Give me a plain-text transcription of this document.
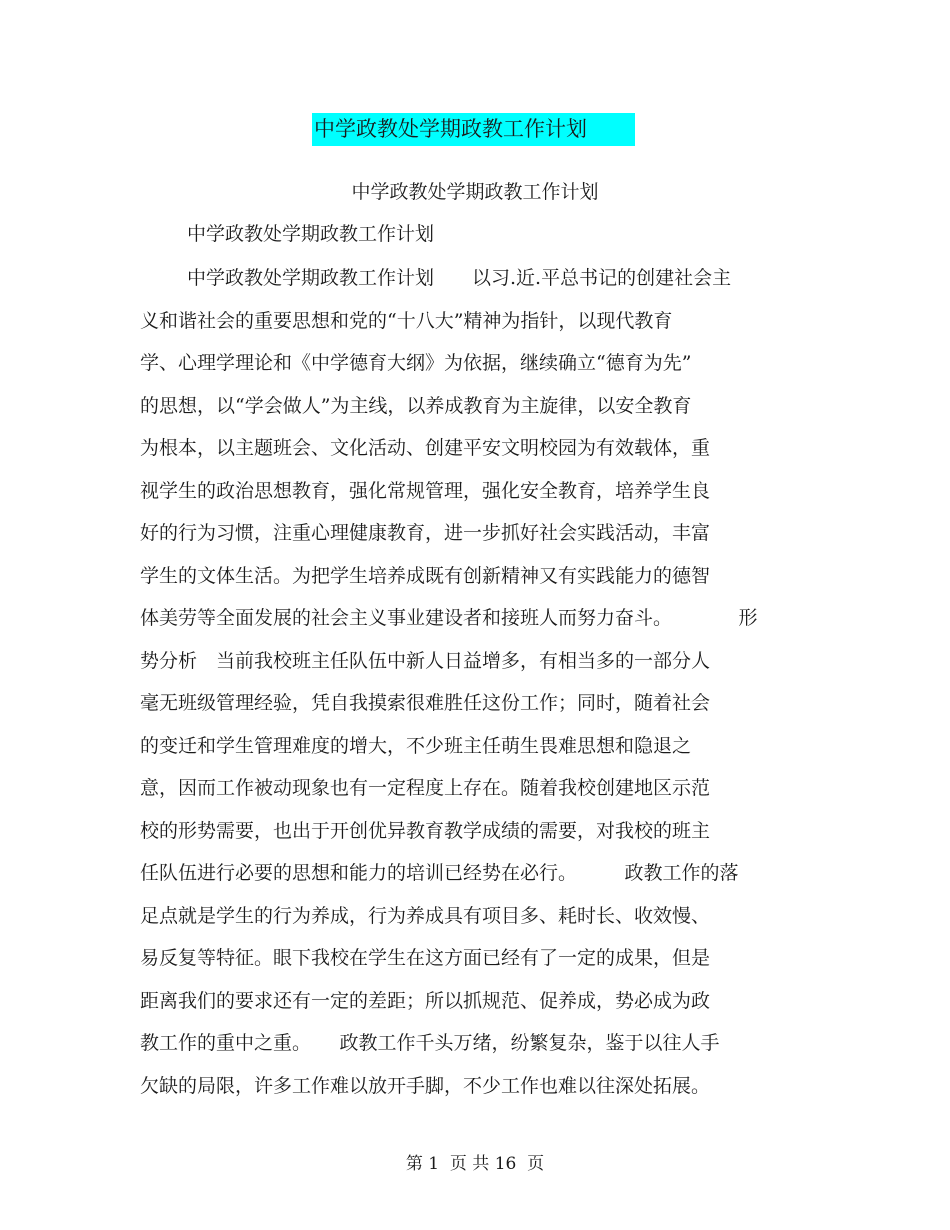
中学政教处学期政教工作计划
中学政教处学期政教工作计划
中学政教处学期政教工作计划
中学政教处学期政教工作计划　　以习.近.平总书记的创建社会主
义和谐社会的重要思想和党的“十八大”精神为指针，以现代教育
学、心理学理论和《中学德育大纲》为依据，继续确立“德育为先”
的思想，以“学会做人”为主线，以养成教育为主旋律，以安全教育
为根本，以主题班会、文化活动、创建平安文明校园为有效载体，重
视学生的政治思想教育，强化常规管理，强化安全教育，培养学生良
好的行为习惯，注重心理健康教育，进一步抓好社会实践活动，丰富
学生的文体生活。为把学生培养成既有创新精神又有实践能力的德智
体美劳等全面发展的社会主义事业建设者和接班人而努力奋斗。　　　　形
势分析　当前我校班主任队伍中新人日益增多，有相当多的一部分人
毫无班级管理经验，凭自我摸索很难胜任这份工作；同时，随着社会
的变迁和学生管理难度的增大，不少班主任萌生畏难思想和隐退之
意，因而工作被动现象也有一定程度上存在。随着我校创建地区示范
校的形势需要，也出于开创优异教育教学成绩的需要，对我校的班主
任队伍进行必要的思想和能力的培训已经势在必行。　　　政教工作的落
足点就是学生的行为养成，行为养成具有项目多、耗时长、收效慢、
易反复等特征。眼下我校在学生在这方面已经有了一定的成果，但是
距离我们的要求还有一定的差距；所以抓规范、促养成，势必成为政
教工作的重中之重。　　政教工作千头万绪，纷繁复杂，鉴于以往人手
欠缺的局限，许多工作难以放开手脚，不少工作也难以往深处拓展。
第 1  页 共 16  页
